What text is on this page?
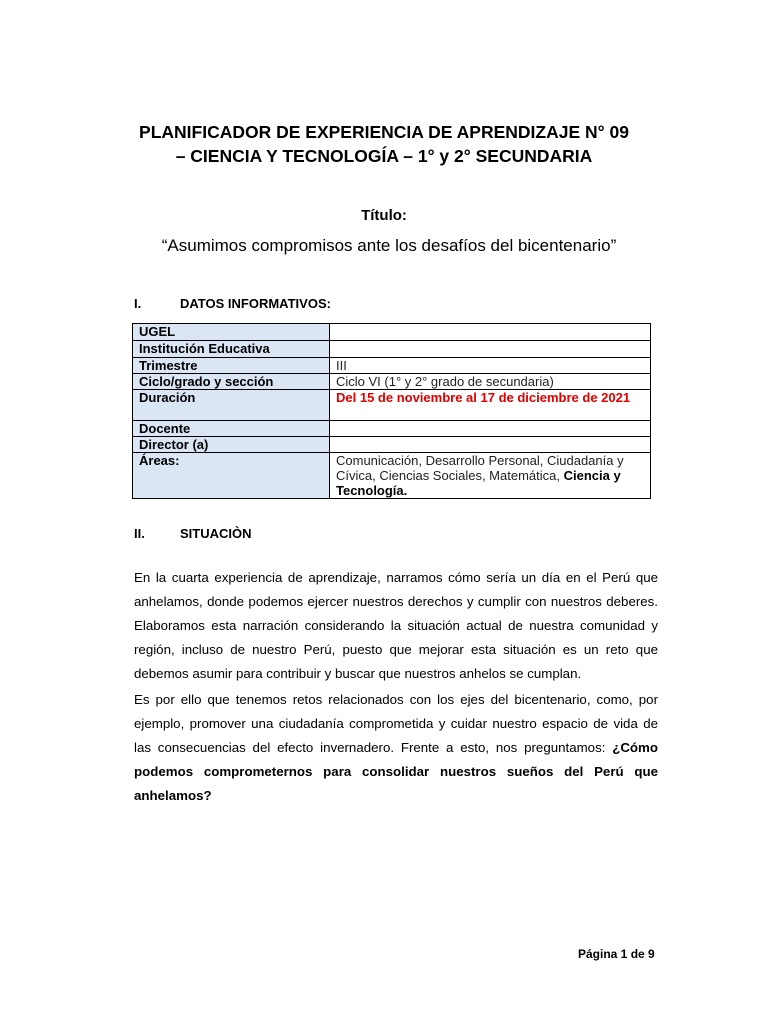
PLANIFICADOR DE EXPERIENCIA DE APRENDIZAJE N° 09
– CIENCIA Y TECNOLOGÍA – 1° y 2° SECUNDARIA
Título:
“Asumimos compromisos ante los desafíos del bicentenario”
I.	DATOS INFORMATIVOS:
UGEL	
Institución Educativa	
Trimestre	III
Ciclo/grado y sección	Ciclo VI (1° y 2° grado de secundaria)
Duración	Del 15 de noviembre al 17 de diciembre de 2021
Docente	
Director (a)	
Áreas:	Comunicación, Desarrollo Personal, Ciudadanía y Cívica, Ciencias Sociales, Matemática, Ciencia y Tecnología.
II.	SITUACIÒN
En la cuarta experiencia de aprendizaje, narramos cómo sería un día en el Perú que anhelamos, donde podemos ejercer nuestros derechos y cumplir con nuestros deberes. Elaboramos esta narración considerando la situación actual de nuestra comunidad y región, incluso de nuestro Perú, puesto que mejorar esta situación es un reto que debemos asumir para contribuir y buscar que nuestros anhelos se cumplan.
Es por ello que tenemos retos relacionados con los ejes del bicentenario, como, por ejemplo, promover una ciudadanía comprometida y cuidar nuestro espacio de vida de las consecuencias del efecto invernadero. Frente a esto, nos preguntamos: ¿Cómo podemos comprometernos para consolidar nuestros sueños del Perú que anhelamos?
Página 1 de 9
